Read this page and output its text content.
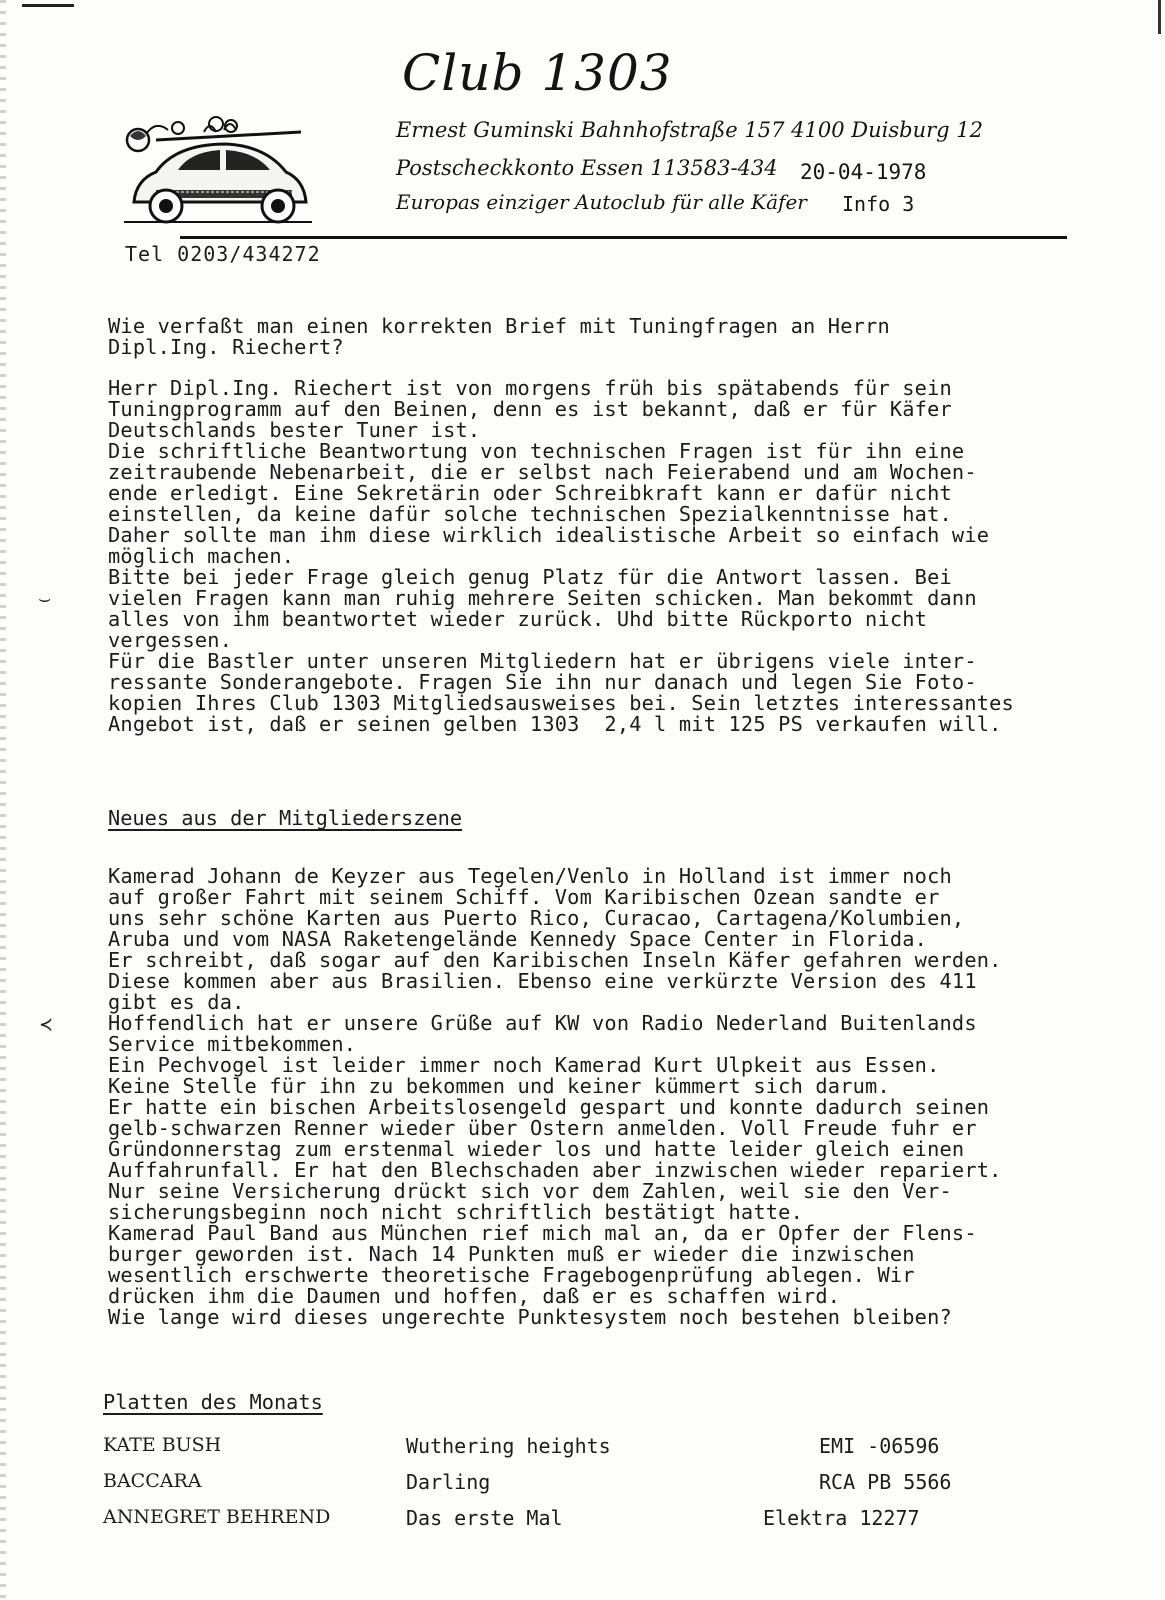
Club 1303
Ernest Guminski Bahnhofstraße 157 4100 Duisburg 12
Postscheckkonto Essen 113583-434 20-04-1978
Europas einziger Autoclub für alle Käfer Info 3
Tel 0203/434272
Wie verfaßt man einen korrekten Brief mit Tuningfragen an Herrn
Dipl.Ing. Riechert?
Herr Dipl.Ing. Riechert ist von morgens früh bis spätabends für sein
Tuningprogramm auf den Beinen, denn es ist bekannt, daß er für Käfer
Deutschlands bester Tuner ist.
Die schriftliche Beantwortung von technischen Fragen ist für ihn eine
zeitraubende Nebenarbeit, die er selbst nach Feierabend und am Wochen-
ende erledigt. Eine Sekretärin oder Schreibkraft kann er dafür nicht
einstellen, da keine dafür solche technischen Spezialkenntnisse hat.
Daher sollte man ihm diese wirklich idealistische Arbeit so einfach wie
möglich machen.
Bitte bei jeder Frage gleich genug Platz für die Antwort lassen. Bei
vielen Fragen kann man ruhig mehrere Seiten schicken. Man bekommt dann
alles von ihm beantwortet wieder zurück. Uhd bitte Rückporto nicht
vergessen.
Für die Bastler unter unseren Mitgliedern hat er übrigens viele inter-
ressante Sonderangebote. Fragen Sie ihn nur danach und legen Sie Foto-
kopien Ihres Club 1303 Mitgliedsausweises bei. Sein letztes interessantes
Angebot ist, daß er seinen gelben 1303  2,4 l mit 125 PS verkaufen will.
⌣
Neues aus der Mitgliederszene
Kamerad Johann de Keyzer aus Tegelen/Venlo in Holland ist immer noch
auf großer Fahrt mit seinem Schiff. Vom Karibischen Ozean sandte er
uns sehr schöne Karten aus Puerto Rico, Curacao, Cartagena/Kolumbien,
Aruba und vom NASA Raketengelände Kennedy Space Center in Florida.
Er schreibt, daß sogar auf den Karibischen Inseln Käfer gefahren werden.
Diese kommen aber aus Brasilien. Ebenso eine verkürzte Version des 411
gibt es da.
Hoffendlich hat er unsere Grüße auf KW von Radio Nederland Buitenlands
Service mitbekommen.
Ein Pechvogel ist leider immer noch Kamerad Kurt Ulpkeit aus Essen.
Keine Stelle für ihn zu bekommen und keiner kümmert sich darum.
Er hatte ein bischen Arbeitslosengeld gespart und konnte dadurch seinen
gelb-schwarzen Renner wieder über Ostern anmelden. Voll Freude fuhr er
Gründonnerstag zum erstenmal wieder los und hatte leider gleich einen
Auffahrunfall. Er hat den Blechschaden aber inzwischen wieder repariert.
Nur seine Versicherung drückt sich vor dem Zahlen, weil sie den Ver-
sicherungsbeginn noch nicht schriftlich bestätigt hatte.
Kamerad Paul Band aus München rief mich mal an, da er Opfer der Flens-
burger geworden ist. Nach 14 Punkten muß er wieder die inzwischen
wesentlich erschwerte theoretische Fragebogenprüfung ablegen. Wir
drücken ihm die Daumen und hoffen, daß er es schaffen wird.
Wie lange wird dieses ungerechte Punktesystem noch bestehen bleiben?
≺
Platten des Monats
KATE BUSH	Wuthering heights	EMI -06596
BACCARA	Darling	RCA PB 5566
ANNEGRET BEHREND	Das erste Mal	Elektra 12277
